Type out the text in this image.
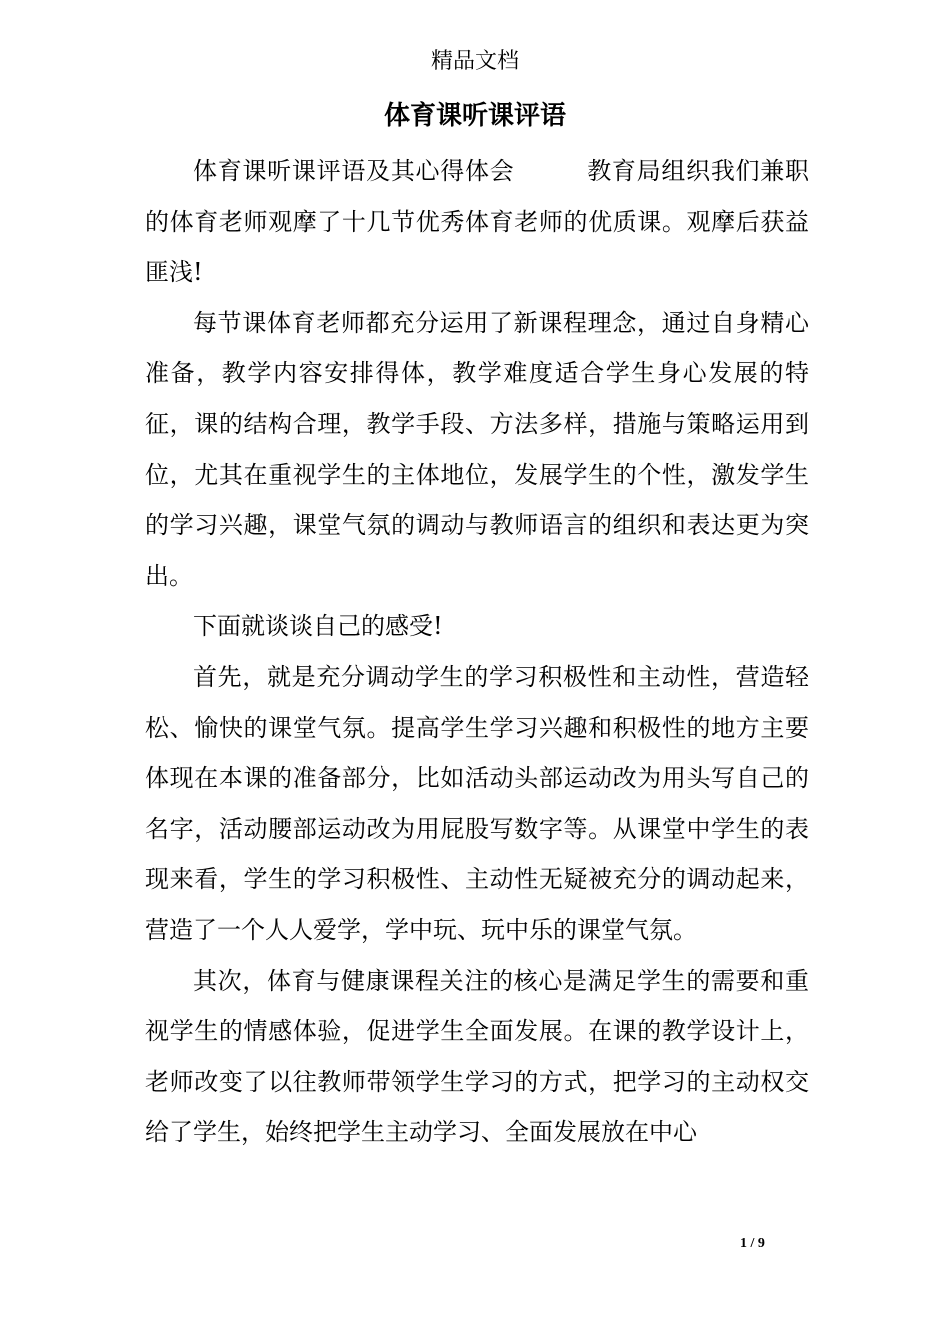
精品文档
体育课听课评语

体育课听课评语及其心得体会	教育局组织我们兼职的体育老师观摩了十几节优秀体育老师的优质课。观摩后获益匪浅!

每节课体育老师都充分运用了新课程理念，通过自身精心准备，教学内容安排得体，教学难度适合学生身心发展的特征，课的结构合理，教学手段、方法多样，措施与策略运用到位，尤其在重视学生的主体地位，发展学生的个性，激发学生的学习兴趣，课堂气氛的调动与教师语言的组织和表达更为突出。

下面就谈谈自己的感受!

首先，就是充分调动学生的学习积极性和主动性，营造轻松、愉快的课堂气氛。提高学生学习兴趣和积极性的地方主要体现在本课的准备部分，比如活动头部运动改为用头写自己的名字，活动腰部运动改为用屁股写数字等。从课堂中学生的表现来看，学生的学习积极性、主动性无疑被充分的调动起来，营造了一个人人爱学，学中玩、玩中乐的课堂气氛。

其次，体育与健康课程关注的核心是满足学生的需要和重视学生的情感体验，促进学生全面发展。在课的教学设计上，老师改变了以往教师带领学生学习的方式，把学习的主动权交给了学生，始终把学生主动学习、全面发展放在中心

1 / 9
